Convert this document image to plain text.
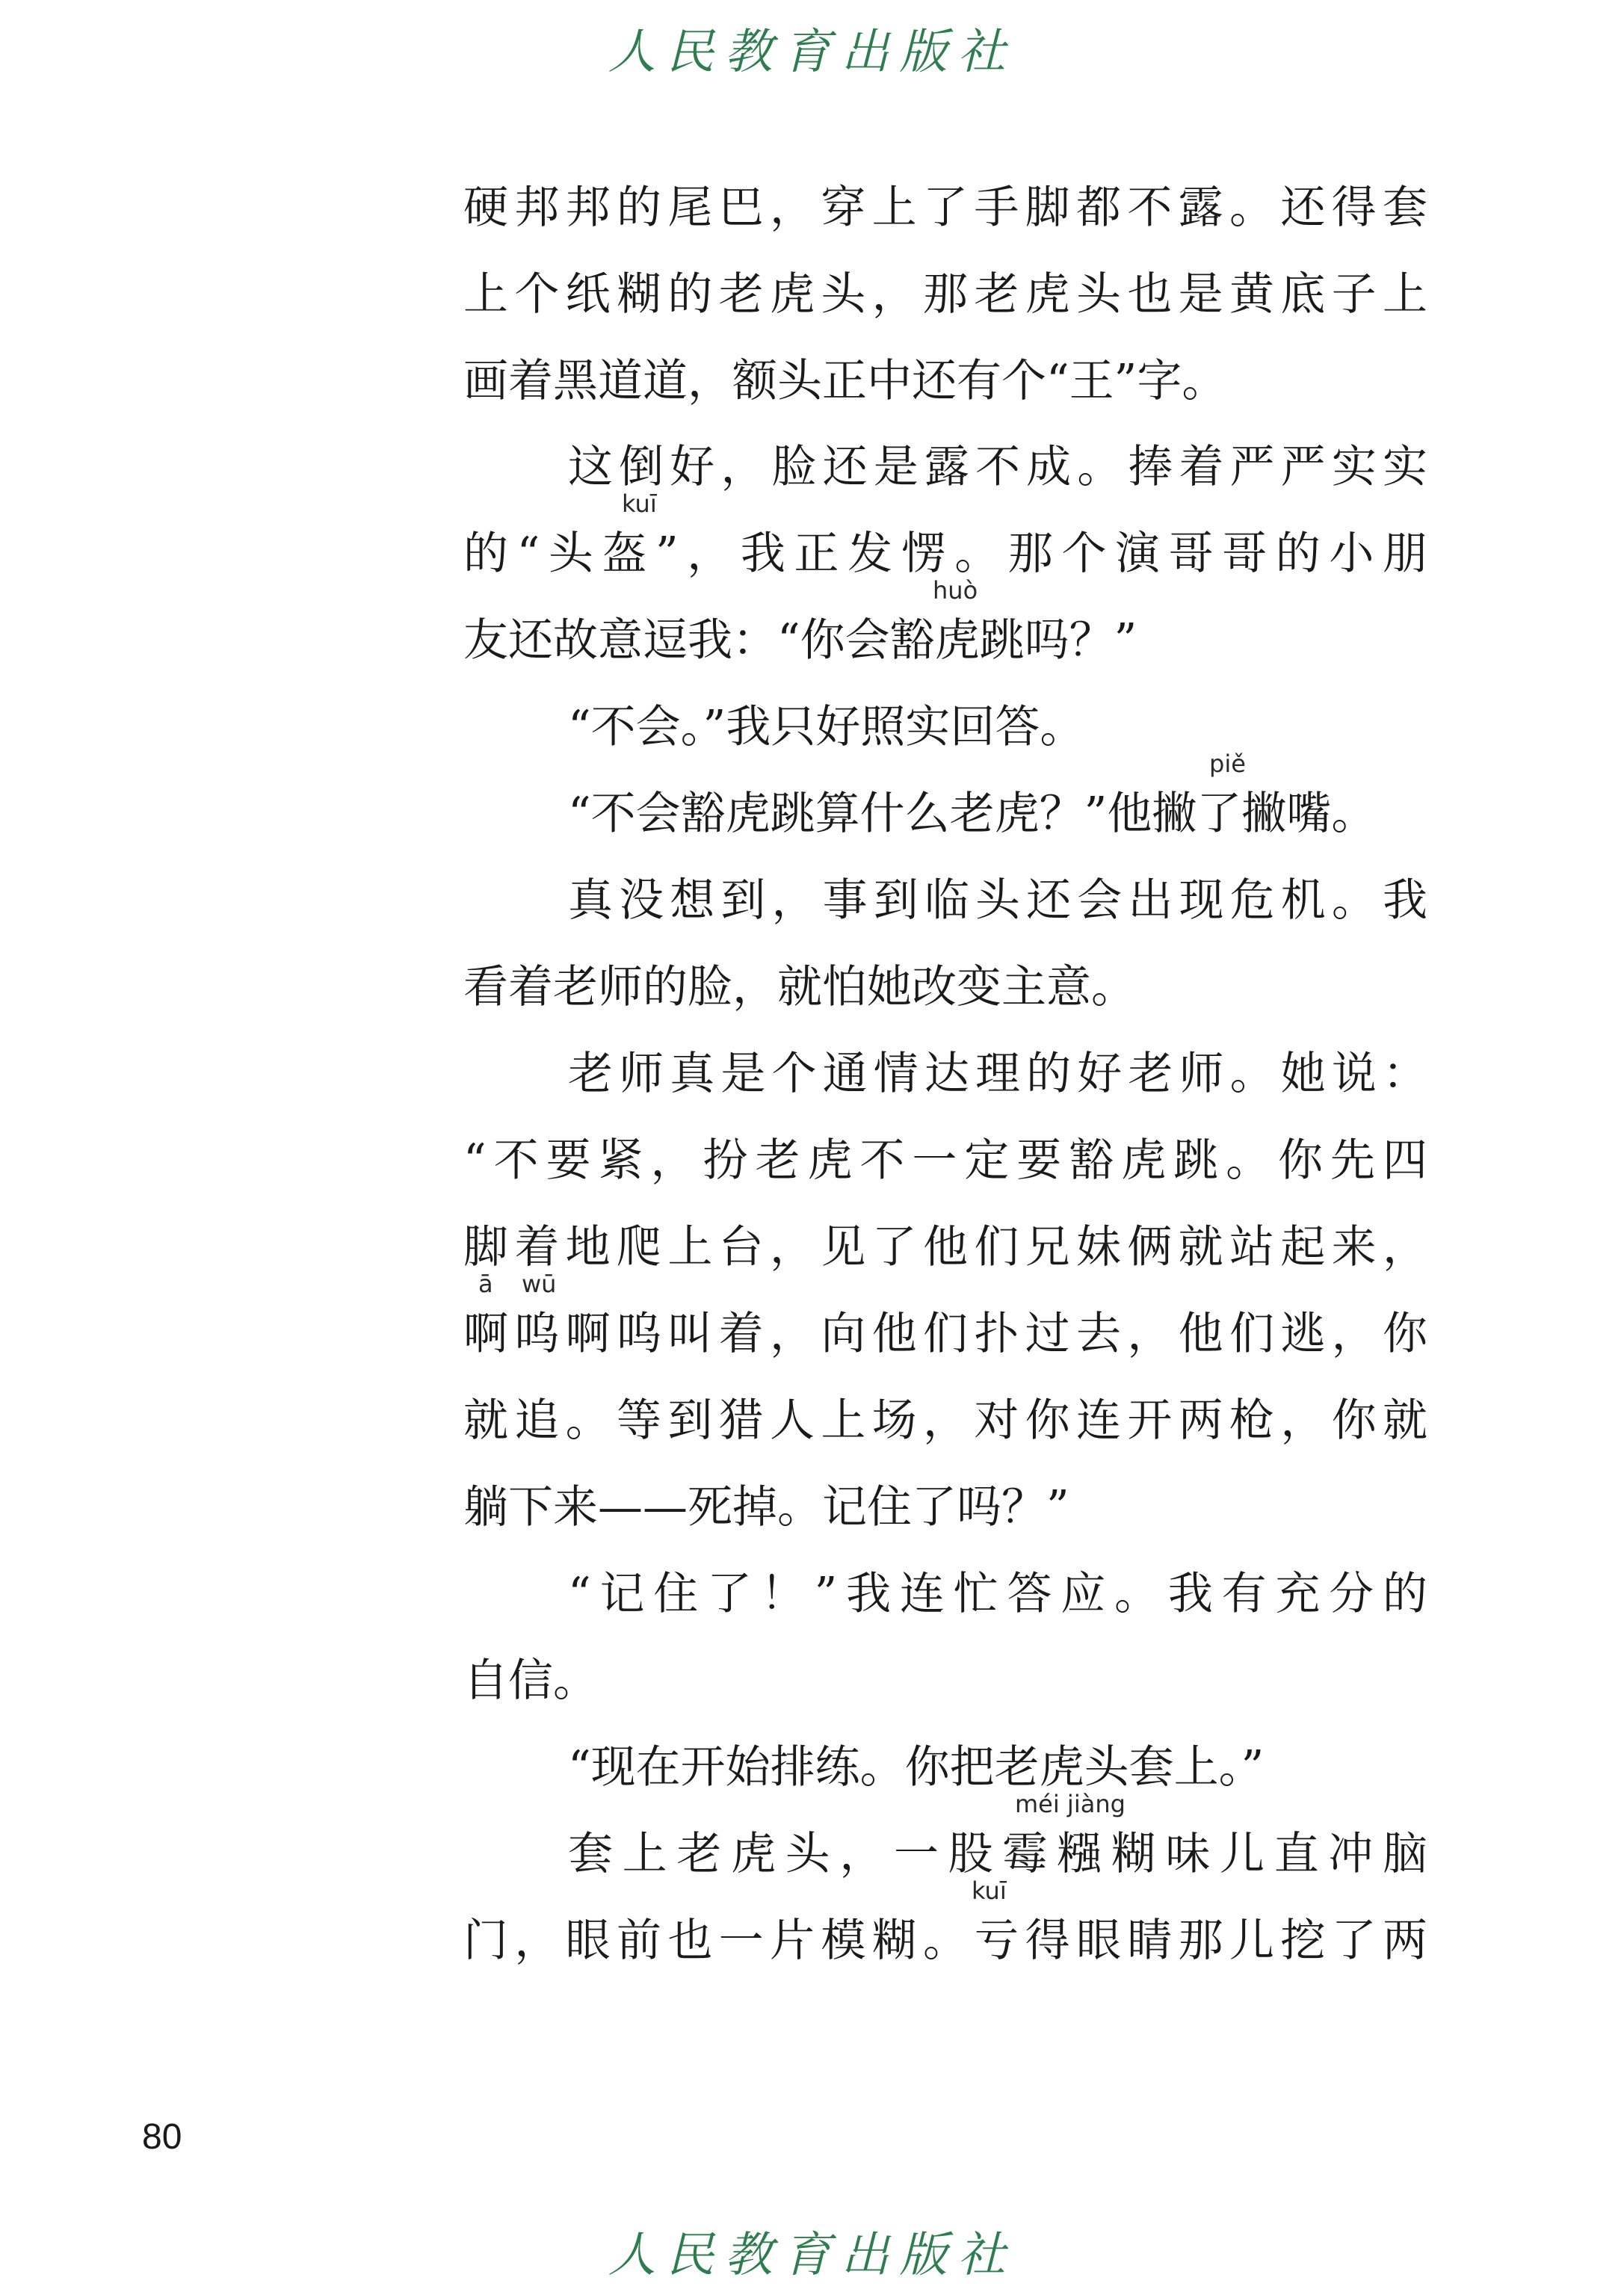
人民教育出版社
硬邦邦的尾巴，穿上了手脚都不露。还得套
上个纸糊的老虎头，那老虎头也是黄底子上
画着黑道道，额头正中还有个“王”字。
这倒好，脸还是露不成。捧着严严实实
的“头盔”，我正发愣。那个演哥哥的小朋
kuī
友还故意逗我：“你会豁虎跳吗？”
huò
“不会。”我只好照实回答。
“不会豁虎跳算什么老虎？”他撇了撇嘴。
piě
真没想到，事到临头还会出现危机。我
看着老师的脸，就怕她改变主意。
老师真是个通情达理的好老师。她说：
“不要紧，扮老虎不一定要豁虎跳。你先四
脚着地爬上台，见了他们兄妹俩就站起来，
啊呜啊呜叫着，向他们扑过去，他们逃，你
ā wū
就追。等到猎人上场，对你连开两枪，你就
躺下来——死掉。记住了吗？”
“记住了！”我连忙答应。我有充分的
自信。
“现在开始排练。你把老虎头套上。”
套上老虎头，一股霉糨糊味儿直冲脑
méi jiàng
门，眼前也一片模糊。亏得眼睛那儿挖了两
kuī
80
人民教育出版社
